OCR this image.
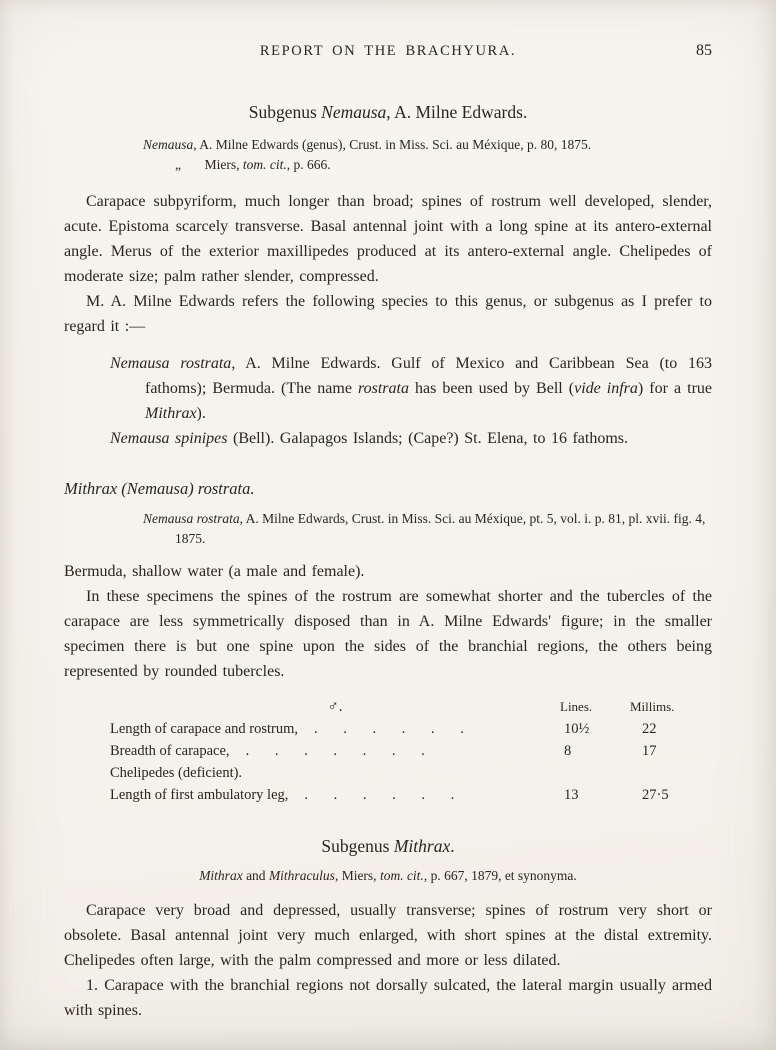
REPORT ON THE BRACHYURA.	85
Subgenus Nemausa, A. Milne Edwards.

Nemausa, A. Milne Edwards (genus), Crust. in Miss. Sci. au Méxique, p. 80, 1875.

„       Miers, tom. cit., p. 666.

Carapace subpyriform, much longer than broad; spines of rostrum well developed, slender, acute. Epistoma scarcely transverse. Basal antennal joint with a long spine at its antero-external angle. Merus of the exterior maxillipedes produced at its antero-external angle. Chelipedes of moderate size; palm rather slender, compressed.

M. A. Milne Edwards refers the following species to this genus, or subgenus as I prefer to regard it :—

Nemausa rostrata, A. Milne Edwards. Gulf of Mexico and Caribbean Sea (to 163 fathoms); Bermuda. (The name rostrata has been used by Bell (vide infra) for a true Mithrax).

Nemausa spinipes (Bell). Galapagos Islands; (Cape?) St. Elena, to 16 fathoms.

Mithrax (Nemausa) rostrata.

Nemausa rostrata, A. Milne Edwards, Crust. in Miss. Sci. au Méxique, pt. 5, vol. i. p. 81, pl. xvii. fig. 4, 1875.

Bermuda, shallow water (a male and female).

In these specimens the spines of the rostrum are somewhat shorter and the tubercles of the carapace are less symmetrically disposed than in A. Milne Edwards' figure; in the smaller specimen there is but one spine upon the sides of the branchial regions, the others being represented by rounded tubercles.

♂.	Lines.	Millims.
Length of carapace and rostrum,	. . . . . .	10½	22
Breadth of carapace,	. . . . . . .	8	17
Chelipedes (deficient).
Length of first ambulatory leg,	. . . . . .	13	27·5
Subgenus Mithrax.

Mithrax and Mithraculus, Miers, tom. cit., p. 667, 1879, et synonyma.

Carapace very broad and depressed, usually transverse; spines of rostrum very short or obsolete. Basal antennal joint very much enlarged, with short spines at the distal extremity. Chelipedes often large, with the palm compressed and more or less dilated.

1. Carapace with the branchial regions not dorsally sulcated, the lateral margin usually armed with spines.
